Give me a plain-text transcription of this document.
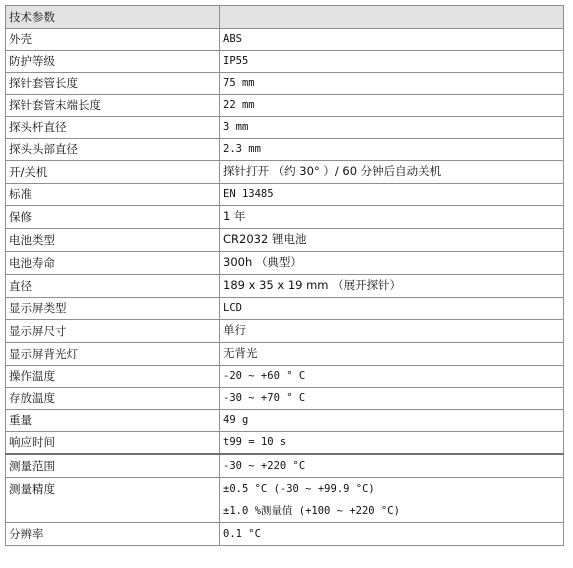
技术参数	
外壳	ABS
防护等级	IP55
探针套管长度	75 mm
探针套管末端长度	22 mm
探头杆直径	3 mm
探头头部直径	2.3 mm
开/关机	探针打开 （约 30° ）/ 60 分钟后自动关机
标准	EN 13485
保修	1 年
电池类型	CR2032 锂电池
电池寿命	300h （典型）
直径	189 x 35 x 19 mm （展开探针）
显示屏类型	LCD
显示屏尺寸	单行
显示屏背光灯	无背光
操作温度	-20 ~ +60 ° C
存放温度	-30 ~ +70 ° C
重量	49 g
响应时间	t99 = 10 s
测量范围	-30 ~ +220 °C

测量精度	±0.5 °C (-30 ~ +99.9 °C)
±1.0 %测量值 (+100 ~ +220 °C)

分辨率	0.1 °C
